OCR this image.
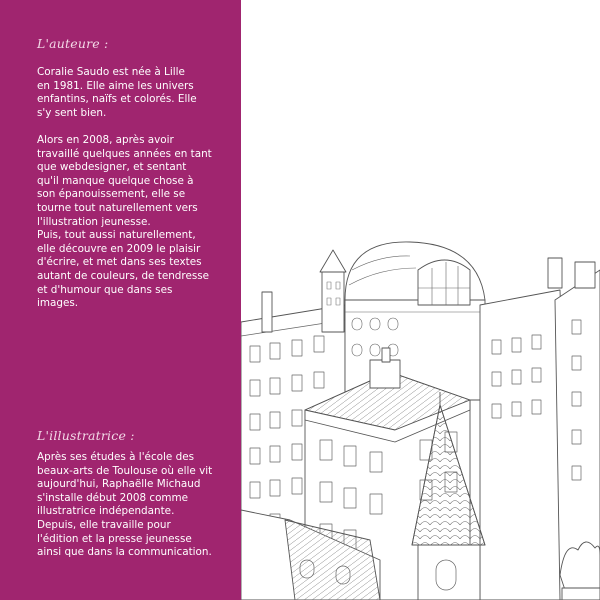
L'auteure :

Coralie Saudo est née à Lille
en 1981. Elle aime les univers
enfantins, naïfs et colorés. Elle
s'y sent bien.

Alors en 2008, après avoir
travaillé quelques années en tant
que webdesigner, et sentant
qu'il manque quelque chose à
son épanouissement, elle se
tourne tout naturellement vers
l'illustration jeunesse.
Puis, tout aussi naturellement,
elle découvre en 2009 le plaisir
d'écrire, et met dans ses textes
autant de couleurs, de tendresse
et d'humour que dans ses
images.

L'illustratrice :

Après ses études à l'école des
beaux-arts de Toulouse où elle vit
aujourd'hui, Raphaëlle Michaud
s'installe début 2008 comme
illustratrice indépendante.
Depuis, elle travaille pour
l'édition et la presse jeunesse
ainsi que dans la communication.
